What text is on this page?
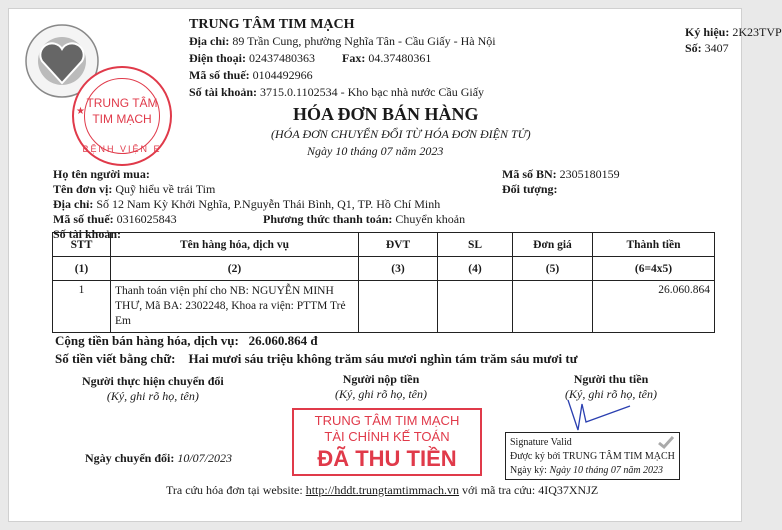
TRUNG TÂM TIM MẠCH
Địa chỉ: 89 Trần Cung, phường Nghĩa Tân - Cầu Giấy - Hà Nội
Điện thoại: 02437480363 Fax: 04.37480361
Mã số thuế: 0104492966
Số tài khoản: 3715.0.1102534 - Kho bạc nhà nước Cầu Giấy
Ký hiệu: 2K23TVP
Số: 3407
HÓA ĐƠN BÁN HÀNG
(HÓA ĐƠN CHUYỂN ĐỔI TỪ HÓA ĐƠN ĐIỆN TỬ)
Ngày 10 tháng 07 năm 2023
Họ tên người mua:
Tên đơn vị: Quỹ hiểu về trái Tim
Địa chỉ: Số 12 Nam Kỳ Khởi Nghĩa, P.Nguyễn Thái Bình, Q1, TP. Hồ Chí Minh
Mã số thuế: 0316025843	Phương thức thanh toán: Chuyển khoản
Số tài khoản:
Mã số BN: 2305180159
Đối tượng:
STT	Tên hàng hóa, dịch vụ	ĐVT	SL	Đơn giá	Thành tiền
(1)	(2)	(3)	(4)	(5)	(6=4x5)
1	Thanh toán viện phí cho NB: NGUYỄN MINH THƯ, Mã BA: 2302248, Khoa ra viện: PTTM Trẻ Em				26.060.864
Cộng tiền bán hàng hóa, dịch vụ: 26.060.864 đ
Số tiền viết bằng chữ: Hai mươi sáu triệu không trăm sáu mươi nghìn tám trăm sáu mươi tư
Người thực hiện chuyển đổi
(Ký, ghi rõ họ, tên)
Người nộp tiền
(Ký, ghi rõ họ, tên)
Người thu tiền
(Ký, ghi rõ họ, tên)
Ngày chuyển đổi: 10/07/2023
Signature Valid
Được ký bởi TRUNG TÂM TIM MẠCH
Ngày ký: Ngày 10 tháng 07 năm 2023
Tra cứu hóa đơn tại website: http://hddt.trungtamtimmach.vn với mã tra cứu: 4IQ37XNJZ
TRUNG TÂM
TIM MẠCH
BỆNH VIỆN E
★
TRUNG TÂM TIM MẠCH
TÀI CHÍNH KẾ TOÁN
ĐÃ THU TIỀN
